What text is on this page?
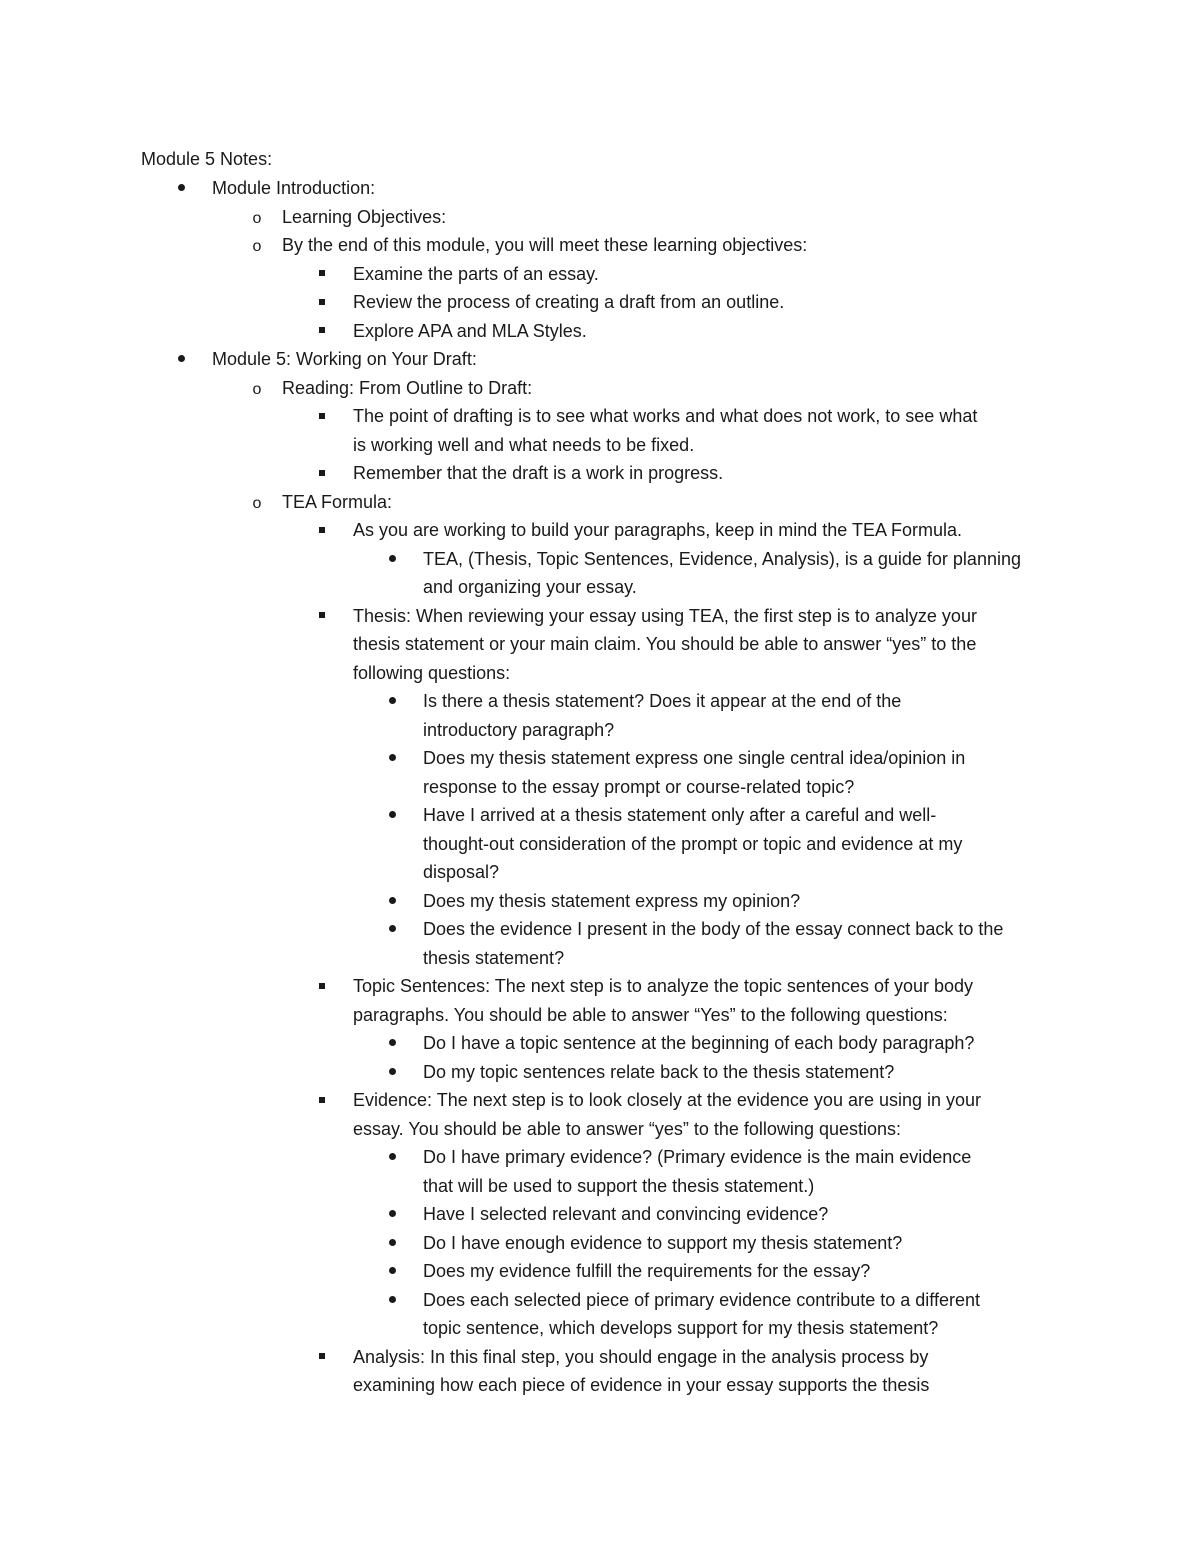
Module 5 Notes:
Module Introduction:
o
Learning Objectives:
o
By the end of this module, you will meet these learning objectives:
Examine the parts of an essay.
Review the process of creating a draft from an outline.
Explore APA and MLA Styles.
Module 5: Working on Your Draft:
o
Reading: From Outline to Draft:
The point of drafting is to see what works and what does not work, to see what
is working well and what needs to be fixed.
Remember that the draft is a work in progress.
o
TEA Formula:
As you are working to build your paragraphs, keep in mind the TEA Formula.
TEA, (Thesis, Topic Sentences, Evidence, Analysis), is a guide for planning
and organizing your essay.
Thesis: When reviewing your essay using TEA, the first step is to analyze your
thesis statement or your main claim. You should be able to answer “yes” to the
following questions:
Is there a thesis statement? Does it appear at the end of the
introductory paragraph?
Does my thesis statement express one single central idea/opinion in
response to the essay prompt or course-related topic?
Have I arrived at a thesis statement only after a careful and well-
thought-out consideration of the prompt or topic and evidence at my
disposal?
Does my thesis statement express my opinion?
Does the evidence I present in the body of the essay connect back to the
thesis statement?
Topic Sentences: The next step is to analyze the topic sentences of your body
paragraphs. You should be able to answer “Yes” to the following questions:
Do I have a topic sentence at the beginning of each body paragraph?
Do my topic sentences relate back to the thesis statement?
Evidence: The next step is to look closely at the evidence you are using in your
essay. You should be able to answer “yes” to the following questions:
Do I have primary evidence? (Primary evidence is the main evidence
that will be used to support the thesis statement.)
Have I selected relevant and convincing evidence?
Do I have enough evidence to support my thesis statement?
Does my evidence fulfill the requirements for the essay?
Does each selected piece of primary evidence contribute to a different
topic sentence, which develops support for my thesis statement?
Analysis: In this final step, you should engage in the analysis process by
examining how each piece of evidence in your essay supports the thesis
